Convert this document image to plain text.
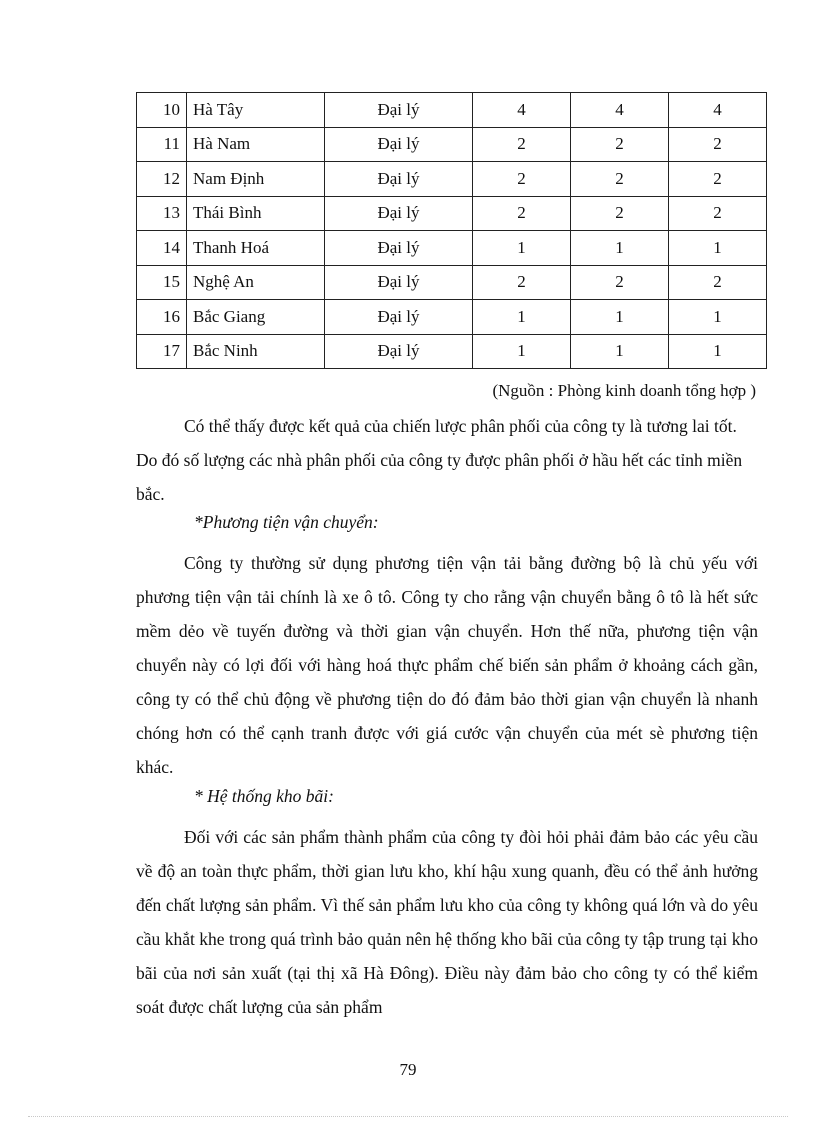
10	Hà Tây	Đại lý	4	4	4
11	Hà Nam	Đại lý	2	2	2
12	Nam Định	Đại lý	2	2	2
13	Thái Bình	Đại lý	2	2	2
14	Thanh Hoá	Đại lý	1	1	1
15	Nghệ An	Đại lý	2	2	2
16	Bắc Giang	Đại lý	1	1	1
17	Bắc Ninh	Đại lý	1	1	1
(Nguồn : Phòng kinh doanh tổng hợp )
Có thể thấy được kết quả của chiến lược phân phối của công ty là tương lai tốt. Do đó số lượng các nhà phân phối của công ty được phân phối ở hầu hết các tỉnh miền bắc.
*Phương tiện vận chuyển:
Công ty thường sử dụng phương tiện vận tải bằng đường bộ là chủ yếu với phương tiện vận tải chính là xe ô tô. Công ty cho rằng vận chuyển bằng ô tô là hết sức mềm dẻo về tuyến đường và thời gian vận chuyển. Hơn thế nữa, phương tiện vận chuyển này có lợi đối với hàng hoá thực phẩm chế biến sản phẩm ở khoảng cách gần, công ty có thể chủ động về phương tiện do đó đảm bảo thời gian vận chuyển là nhanh chóng hơn có thể cạnh tranh được với giá cước vận chuyển của mét sè phương tiện khác.
* Hệ thống kho bãi:
Đối với các sản phẩm thành phẩm của công ty đòi hỏi phải đảm bảo các yêu cầu về độ an toàn thực phẩm, thời gian lưu kho, khí hậu xung quanh, đều có thể ảnh hưởng đến chất lượng sản phẩm. Vì thế sản phẩm lưu kho của công ty không quá lớn và do yêu cầu khắt khe trong quá trình bảo quản nên hệ thống kho bãi của công ty tập trung tại kho bãi của nơi sản xuất (tại thị xã Hà Đông). Điều này đảm bảo cho công ty có thể kiểm soát được chất lượng của sản phẩm
79
